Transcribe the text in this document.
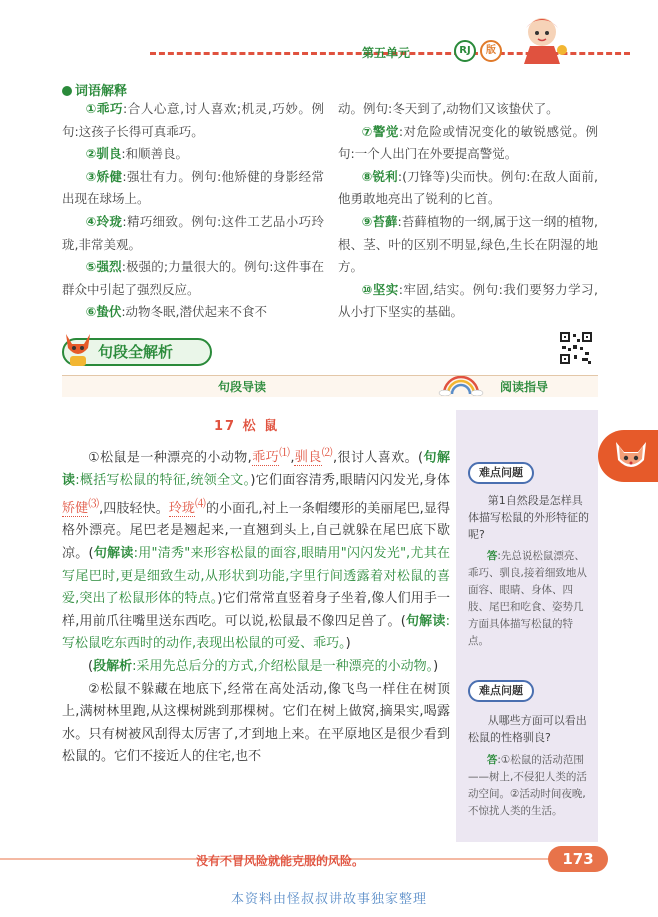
第五单元	RJ	版
词语解释

①乖巧:合人心意,讨人喜欢;机灵,巧妙。例句:这孩子长得可真乖巧。

②驯良:和顺善良。

③矫健:强壮有力。例句:他矫健的身影经常出现在球场上。

④玲珑:精巧细致。例句:这件工艺品小巧玲珑,非常美观。

⑤强烈:极强的;力量很大的。例句:这件事在群众中引起了强烈反应。

⑥蛰伏:动物冬眠,潜伏起来不食不

动。例句:冬天到了,动物们又该蛰伏了。

⑦警觉:对危险或情况变化的敏锐感觉。例句:一个人出门在外要提高警觉。

⑧锐利:(刀锋等)尖而快。例句:在敌人面前,他勇敢地亮出了锐利的匕首。

⑨苔藓:苔藓植物的一纲,属于这一纲的植物,根、茎、叶的区别不明显,绿色,生长在阴湿的地方。

⑩坚实:牢固,结实。例句:我们要努力学习,从小打下坚实的基础。

句段全解析
句段导读	阅读指导
难点问题
第1自然段是怎样具体描写松鼠的外形特征的呢?
答:先总说松鼠漂亮、乖巧、驯良,接着细致地从面容、眼睛、身体、四肢、尾巴和吃食、姿势几方面具体描写松鼠的特点。
难点问题
从哪些方面可以看出松鼠的性格驯良?
答:①松鼠的活动范围——树上,不侵犯人类的活动空间。②活动时间夜晚,不惊扰人类的生活。
17 松 鼠

①松鼠是一种漂亮的小动物,乖巧⑴,驯良⑵,很讨人喜欢。(句解读:概括写松鼠的特征,统领全文。)它们面容清秀,眼睛闪闪发光,身体矫健⑶,四肢轻快。玲珑⑷的小面孔,衬上一条帽缨形的美丽尾巴,显得格外漂亮。尾巴老是翘起来,一直翘到头上,自己就躲在尾巴底下歇凉。(句解读:用"清秀"来形容松鼠的面容,眼睛用"闪闪发光",尤其在写尾巴时,更是细致生动,从形状到功能,字里行间透露着对松鼠的喜爱,突出了松鼠形体的特点。)它们常常直竖着身子坐着,像人们用手一样,用前爪往嘴里送东西吃。可以说,松鼠最不像四足兽了。(句解读:写松鼠吃东西时的动作,表现出松鼠的可爱、乖巧。)

(段解析:采用先总后分的方式,介绍松鼠是一种漂亮的小动物。)

②松鼠不躲藏在地底下,经常在高处活动,像飞鸟一样住在树顶上,满树林里跑,从这棵树跳到那棵树。它们在树上做窝,摘果实,喝露水。只有树被风刮得太厉害了,才到地上来。在平原地区是很少看到松鼠的。它们不接近人的住宅,也不

没有不冒风险就能克服的风险。	173
本资料由怪叔叔讲故事独家整理
